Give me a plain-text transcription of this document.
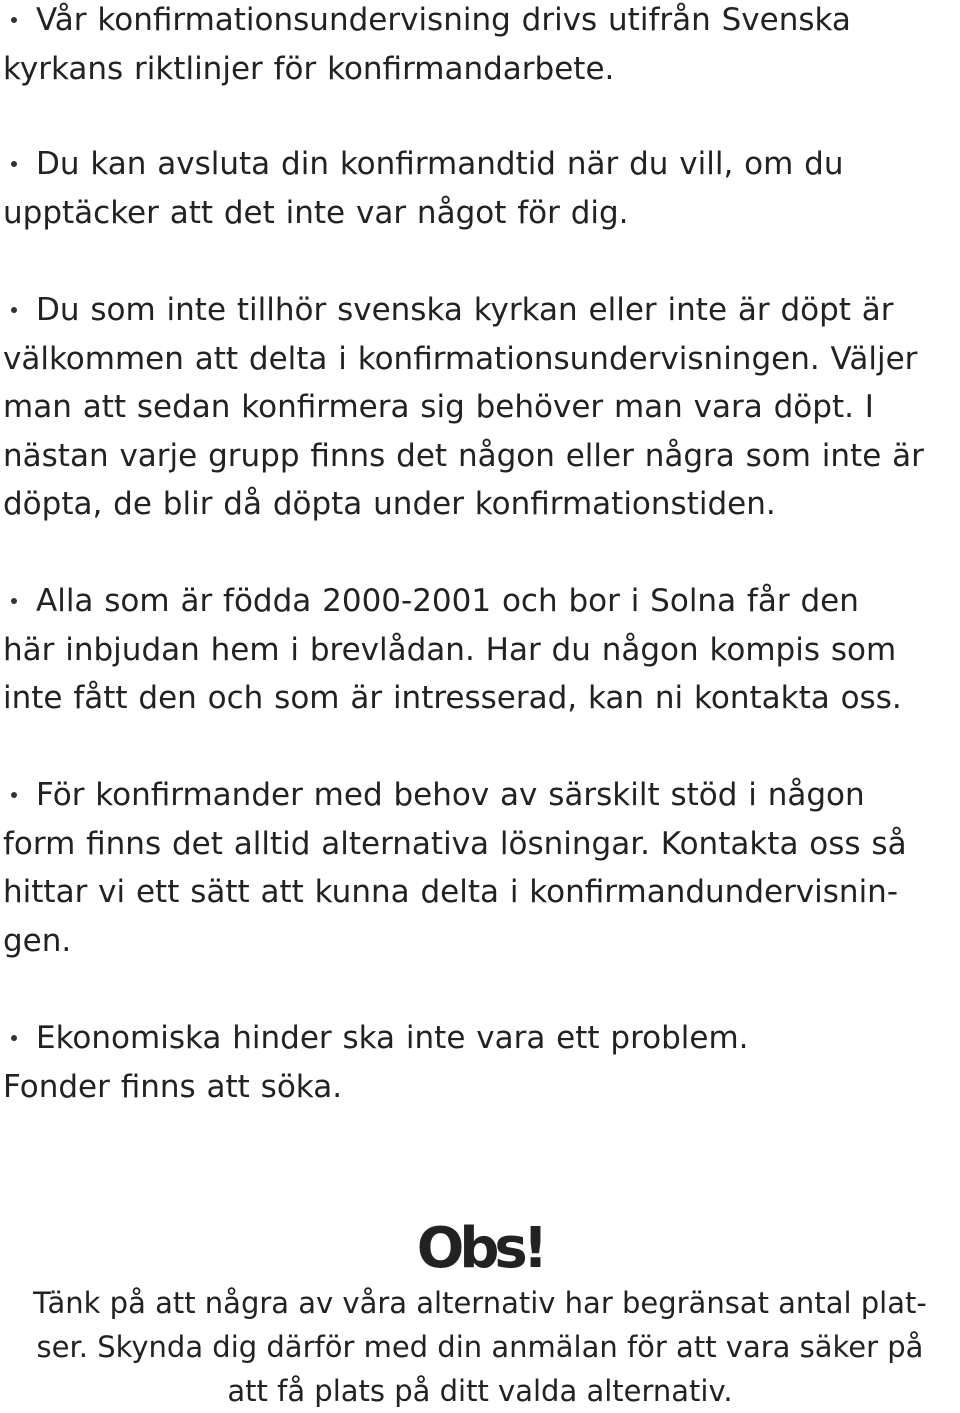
Vår konfirmationsundervisning drivs utifrån Svenska
kyrkans riktlinjer för konfirmandarbete.
Du kan avsluta din konfirmandtid när du vill, om du
upptäcker att det inte var något för dig.
Du som inte tillhör svenska kyrkan eller inte är döpt är
välkommen att delta i konfirmationsundervisningen. Väljer
man att sedan konfirmera sig behöver man vara döpt. I
nästan varje grupp finns det någon eller några som inte är
döpta, de blir då döpta under konfirmationstiden.
Alla som är födda 2000-2001 och bor i Solna får den
här inbjudan hem i brevlådan. Har du någon kompis som
inte fått den och som är intresserad, kan ni kontakta oss.
För konfirmander med behov av särskilt stöd i någon
form finns det alltid alternativa lösningar. Kontakta oss så
hittar vi ett sätt att kunna delta i konfirmandundervisnin-
gen.
Ekonomiska hinder ska inte vara ett problem.
Fonder finns att söka.
Obs!
Tänk på att några av våra alternativ har begränsat antal plat-
ser. Skynda dig därför med din anmälan för att vara säker på
att få plats på ditt valda alternativ.
